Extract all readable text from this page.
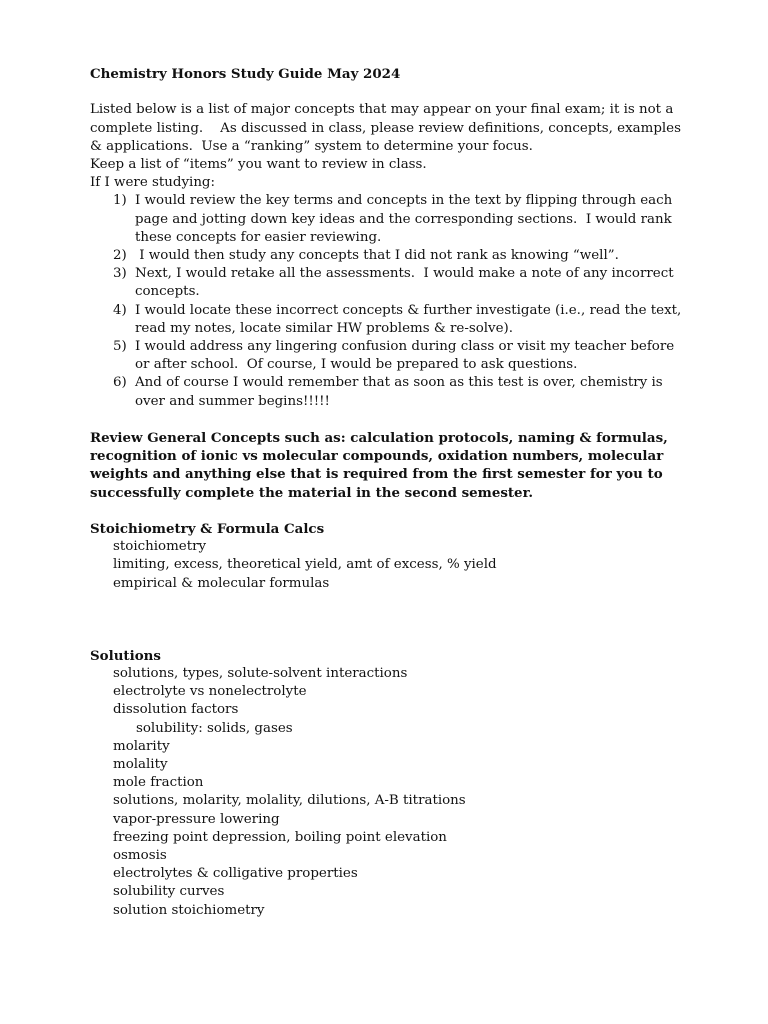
Chemistry Honors Study Guide May 2024

Listed below is a list of major concepts that may appear on your final exam; it is not a complete listing.    As discussed in class, please review definitions, concepts, examples & applications.  Use a “ranking” system to determine your focus.

Keep a list of “items” you want to review in class.

If I were studying:

1) I would review the key terms and concepts in the text by flipping through each page and jotting down key ideas and the corresponding sections.  I would rank these concepts for easier reviewing.
2) I would then study any concepts that I did not rank as knowing “well”.
3) Next, I would retake all the assessments.  I would make a note of any incorrect concepts.
4) I would locate these incorrect concepts & further investigate (i.e., read the text, read my notes, locate similar HW problems & re-solve).
5) I would address any lingering confusion during class or visit my teacher before or after school.  Of course, I would be prepared to ask questions.
6) And of course I would remember that as soon as this test is over, chemistry is over and summer begins!!!!!

Review General Concepts such as: calculation protocols, naming & formulas, recognition of ionic vs molecular compounds, oxidation numbers, molecular weights and anything else that is required from the first semester for you to successfully complete the material in the second semester.

Stoichiometry & Formula Calcs

stoichiometry
limiting, excess, theoretical yield, amt of excess, % yield
empirical & molecular formulas

Solutions

solutions, types, solute-solvent interactions
electrolyte vs nonelectrolyte
dissolution factors
solubility: solids, gases
molarity
molality
mole fraction
solutions, molarity, molality, dilutions, A-B titrations
vapor-pressure lowering
freezing point depression, boiling point elevation
osmosis
electrolytes & colligative properties
solubility curves
solution stoichiometry
